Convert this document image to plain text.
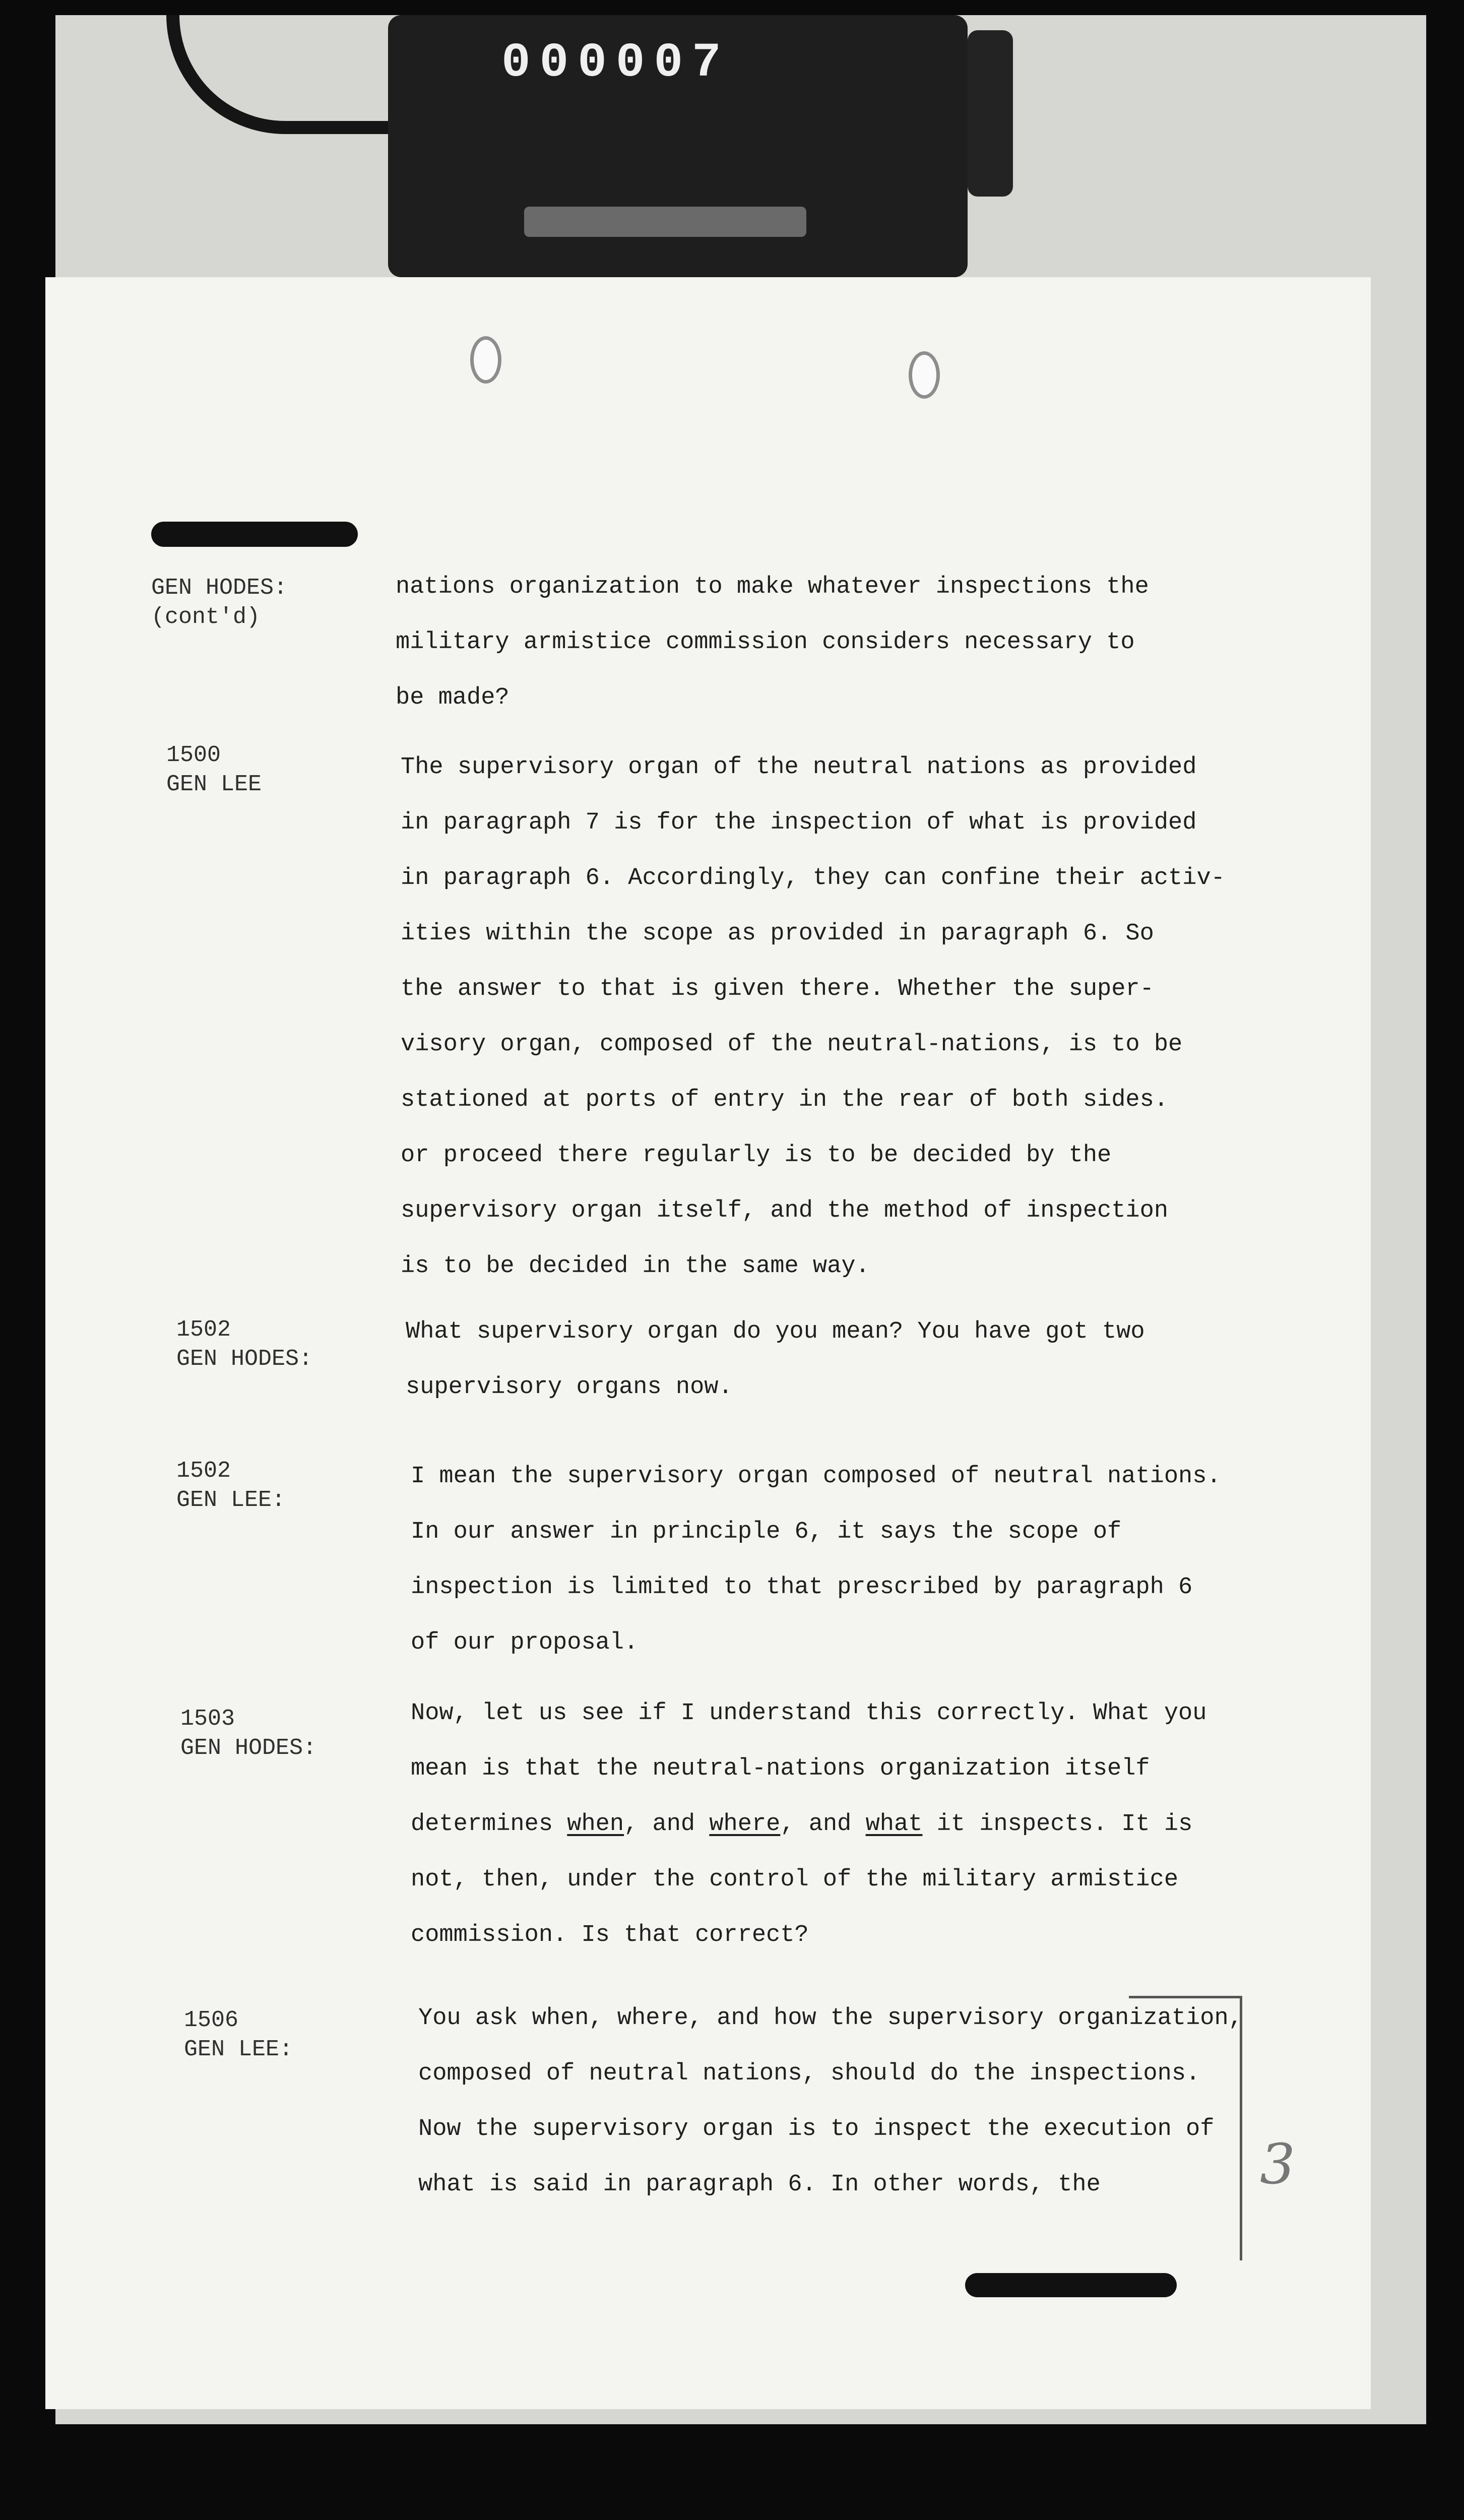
000007
GEN HODES:
(cont'd)

nations organization to make whatever inspections the

military armistice commission considers necessary to

be made?

1500
GEN LEE

The supervisory organ of the neutral nations as provided

in paragraph 7 is for the inspection of what is provided

in paragraph 6. Accordingly, they can confine their activ-

ities within the scope as provided in paragraph 6. So

the answer to that is given there. Whether the super-

visory organ, composed of the neutral-nations, is to be

stationed at ports of entry in the rear of both sides.

or proceed there regularly is to be decided by the

supervisory organ itself, and the method of inspection

is to be decided in the same way.

1502
GEN HODES:

What supervisory organ do you mean? You have got two

supervisory organs now.

1502
GEN LEE:

I mean the supervisory organ composed of neutral nations.

In our answer in principle 6, it says the scope of

inspection is limited to that prescribed by paragraph 6

of our proposal.

1503
GEN HODES:

Now, let us see if I understand this correctly. What you

mean is that the neutral-nations organization itself

determines when, and where, and what it inspects. It is

not, then, under the control of the military armistice

commission. Is that correct?

1506
GEN LEE:

You ask when, where, and how the supervisory organization,

composed of neutral nations, should do the inspections.

Now the supervisory organ is to inspect the execution of

what is said in paragraph 6. In other words, the	3
